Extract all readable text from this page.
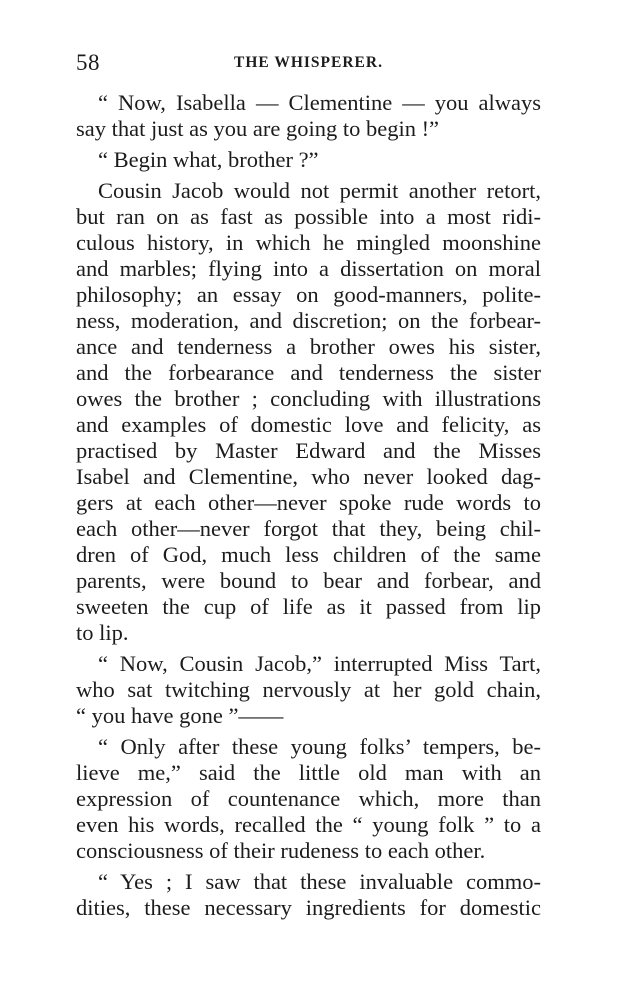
58	THE WHISPERER.
“ Now, Isabella — Clementine — you always
say that just as you are going to begin !”
“ Begin what, brother ?”
Cousin Jacob would not permit another retort,
but ran on as fast as possible into a most ridi-
culous history, in which he mingled moonshine
and marbles; flying into a dissertation on moral
philosophy; an essay on good-manners, polite-
ness, moderation, and discretion; on the forbear-
ance and tenderness a brother owes his sister,
and the forbearance and tenderness the sister
owes the brother ; concluding with illustrations
and examples of domestic love and felicity, as
practised by Master Edward and the Misses
Isabel and Clementine, who never looked dag-
gers at each other—never spoke rude words to
each other—never forgot that they, being chil-
dren of God, much less children of the same
parents, were bound to bear and forbear, and
sweeten the cup of life as it passed from lip
to lip.
“ Now, Cousin Jacob,” interrupted Miss Tart,
who sat twitching nervously at her gold chain,
“ you have gone ”——
“ Only after these young folks’ tempers, be-
lieve me,” said the little old man with an
expression of countenance which, more than
even his words, recalled the “ young folk ” to a
consciousness of their rudeness to each other.
“ Yes ; I saw that these invaluable commo-
dities, these necessary ingredients for domestic
